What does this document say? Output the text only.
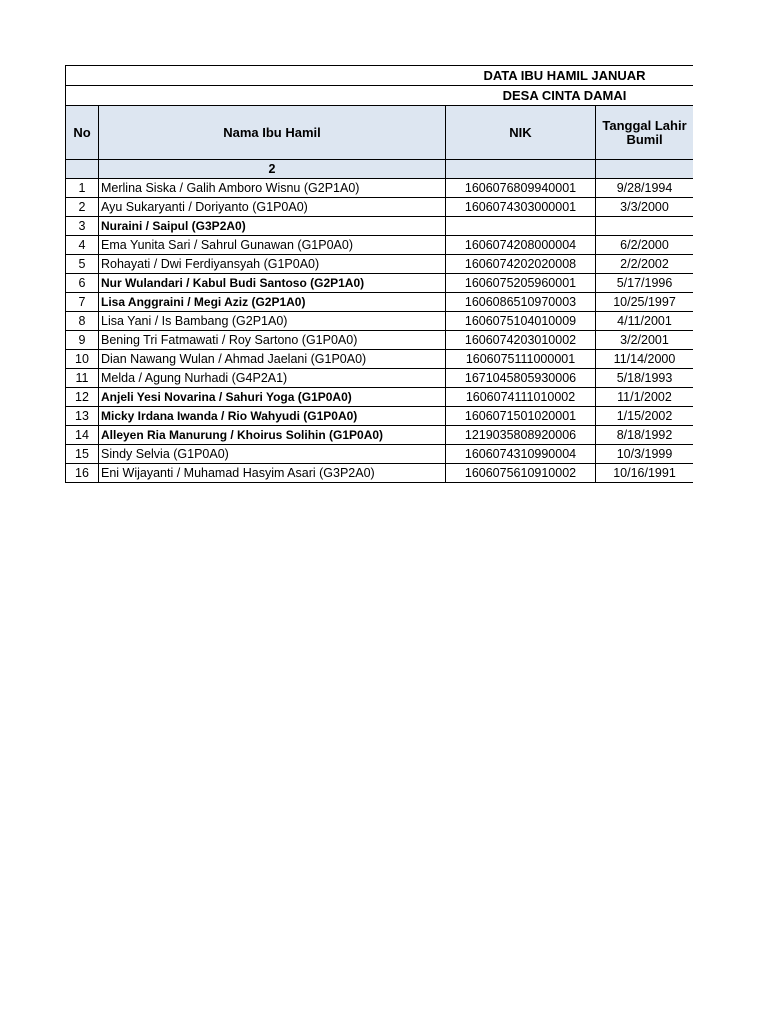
DATA IBU HAMIL JANUAR				
DESA CINTA DAMAI				
No	Nama Ibu Hamil	NIK	Tanggal Lahir
Bumil	
	2			
1	Merlina Siska / Galih Amboro Wisnu (G2P1A0)	1606076809940001	9/28/1994	
2	Ayu Sukaryanti / Doriyanto (G1P0A0)	1606074303000001	3/3/2000	
3	Nuraini / Saipul (G3P2A0)			
4	Ema Yunita Sari / Sahrul Gunawan (G1P0A0)	1606074208000004	6/2/2000	
5	Rohayati / Dwi Ferdiyansyah (G1P0A0)	1606074202020008	2/2/2002	
6	Nur Wulandari / Kabul Budi Santoso (G2P1A0)	1606075205960001	5/17/1996	
7	Lisa Anggraini / Megi Aziz (G2P1A0)	1606086510970003	10/25/1997	
8	Lisa Yani / Is Bambang (G2P1A0)	1606075104010009	4/11/2001	
9	Bening Tri Fatmawati / Roy Sartono (G1P0A0)	1606074203010002	3/2/2001	
10	Dian Nawang Wulan / Ahmad Jaelani (G1P0A0)	1606075111000001	11/14/2000	
11	Melda / Agung Nurhadi (G4P2A1)	1671045805930006	5/18/1993	
12	Anjeli Yesi Novarina / Sahuri Yoga (G1P0A0)	1606074111010002	11/1/2002	
13	Micky Irdana Iwanda / Rio Wahyudi (G1P0A0)	1606071501020001	1/15/2002	
14	Alleyen Ria Manurung / Khoirus Solihin (G1P0A0)	1219035808920006	8/18/1992	
15	Sindy Selvia (G1P0A0)	1606074310990004	10/3/1999	
16	Eni Wijayanti / Muhamad Hasyim Asari (G3P2A0)	1606075610910002	10/16/1991	
